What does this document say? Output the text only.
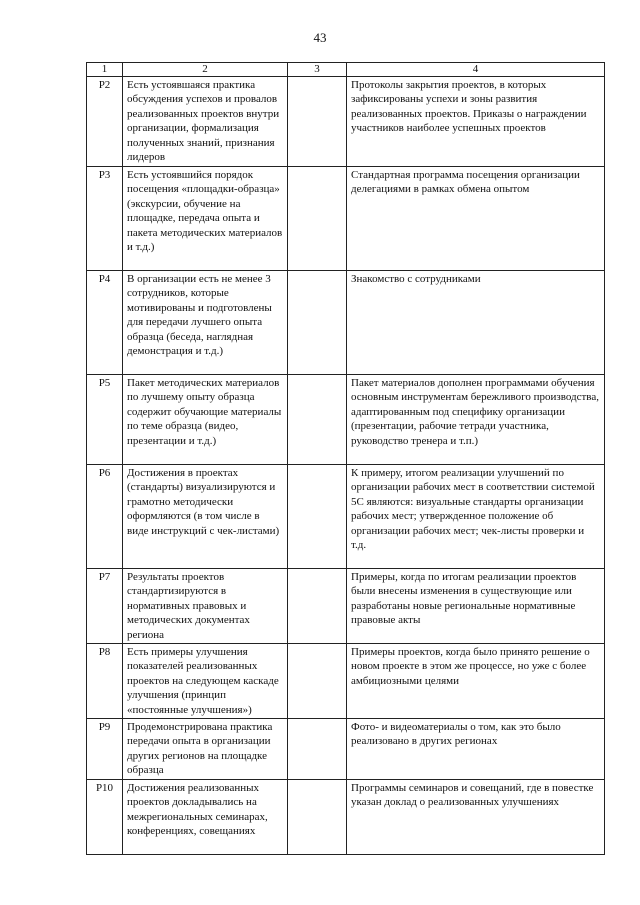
43
1	2	3	4
P2	Есть устоявшаяся практика обсуждения успехов и провалов реализованных проектов внутри организации, формализация полученных знаний, признания лидеров		Протоколы закрытия проектов, в которых зафиксированы успехи и зоны развития реализованных проектов. Приказы о награждении участников наиболее успешных проектов
P3	Есть устоявшийся порядок посещения «площадки-образца» (экскурсии, обучение на площадке, передача опыта и пакета методических материалов и т.д.)		Стандартная программа посещения организации делегациями в рамках обмена опытом
P4	В организации есть не менее 3 сотрудников, которые мотивированы и подготовлены для передачи лучшего опыта образца (беседа, наглядная демонстрация и т.д.)		Знакомство с сотрудниками
P5	Пакет методических материалов по лучшему опыту образца содержит обучающие материалы по теме образца (видео, презентации и т.д.)		Пакет материалов дополнен программами обучения основным инструментам бережливого производства, адаптированным под специфику организации (презентации, рабочие тетради участника, руководство тренера и т.п.)
P6	Достижения в проектах (стандарты) визуализируются и грамотно методически оформляются (в том числе в виде инструкций с чек-листами)		К примеру, итогом реализации улучшений по организации рабочих мест в соответствии системой 5С являются: визуальные стандарты организации рабочих мест; утвержденное положение об организации рабочих мест; чек-листы проверки и т.д.
P7	Результаты проектов стандартизируются в нормативных правовых и методических документах региона		Примеры, когда по итогам реализации проектов были внесены изменения в существующие или разработаны новые региональные нормативные правовые акты
P8	Есть примеры улучшения показателей реализованных проектов на следующем каскаде улучшения (принцип «постоянные улучшения»)		Примеры проектов, когда было принято решение о новом проекте в этом же процессе, но уже с более амбициозными целями
P9	Продемонстрирована практика передачи опыта в организации других регионов на площадке образца		Фото- и видеоматериалы о том, как это было реализовано в других регионах
P10	Достижения реализованных проектов докладывались на межрегиональных семинарах, конференциях, совещаниях		Программы семинаров и совещаний, где в повестке указан доклад о реализованных улучшениях
